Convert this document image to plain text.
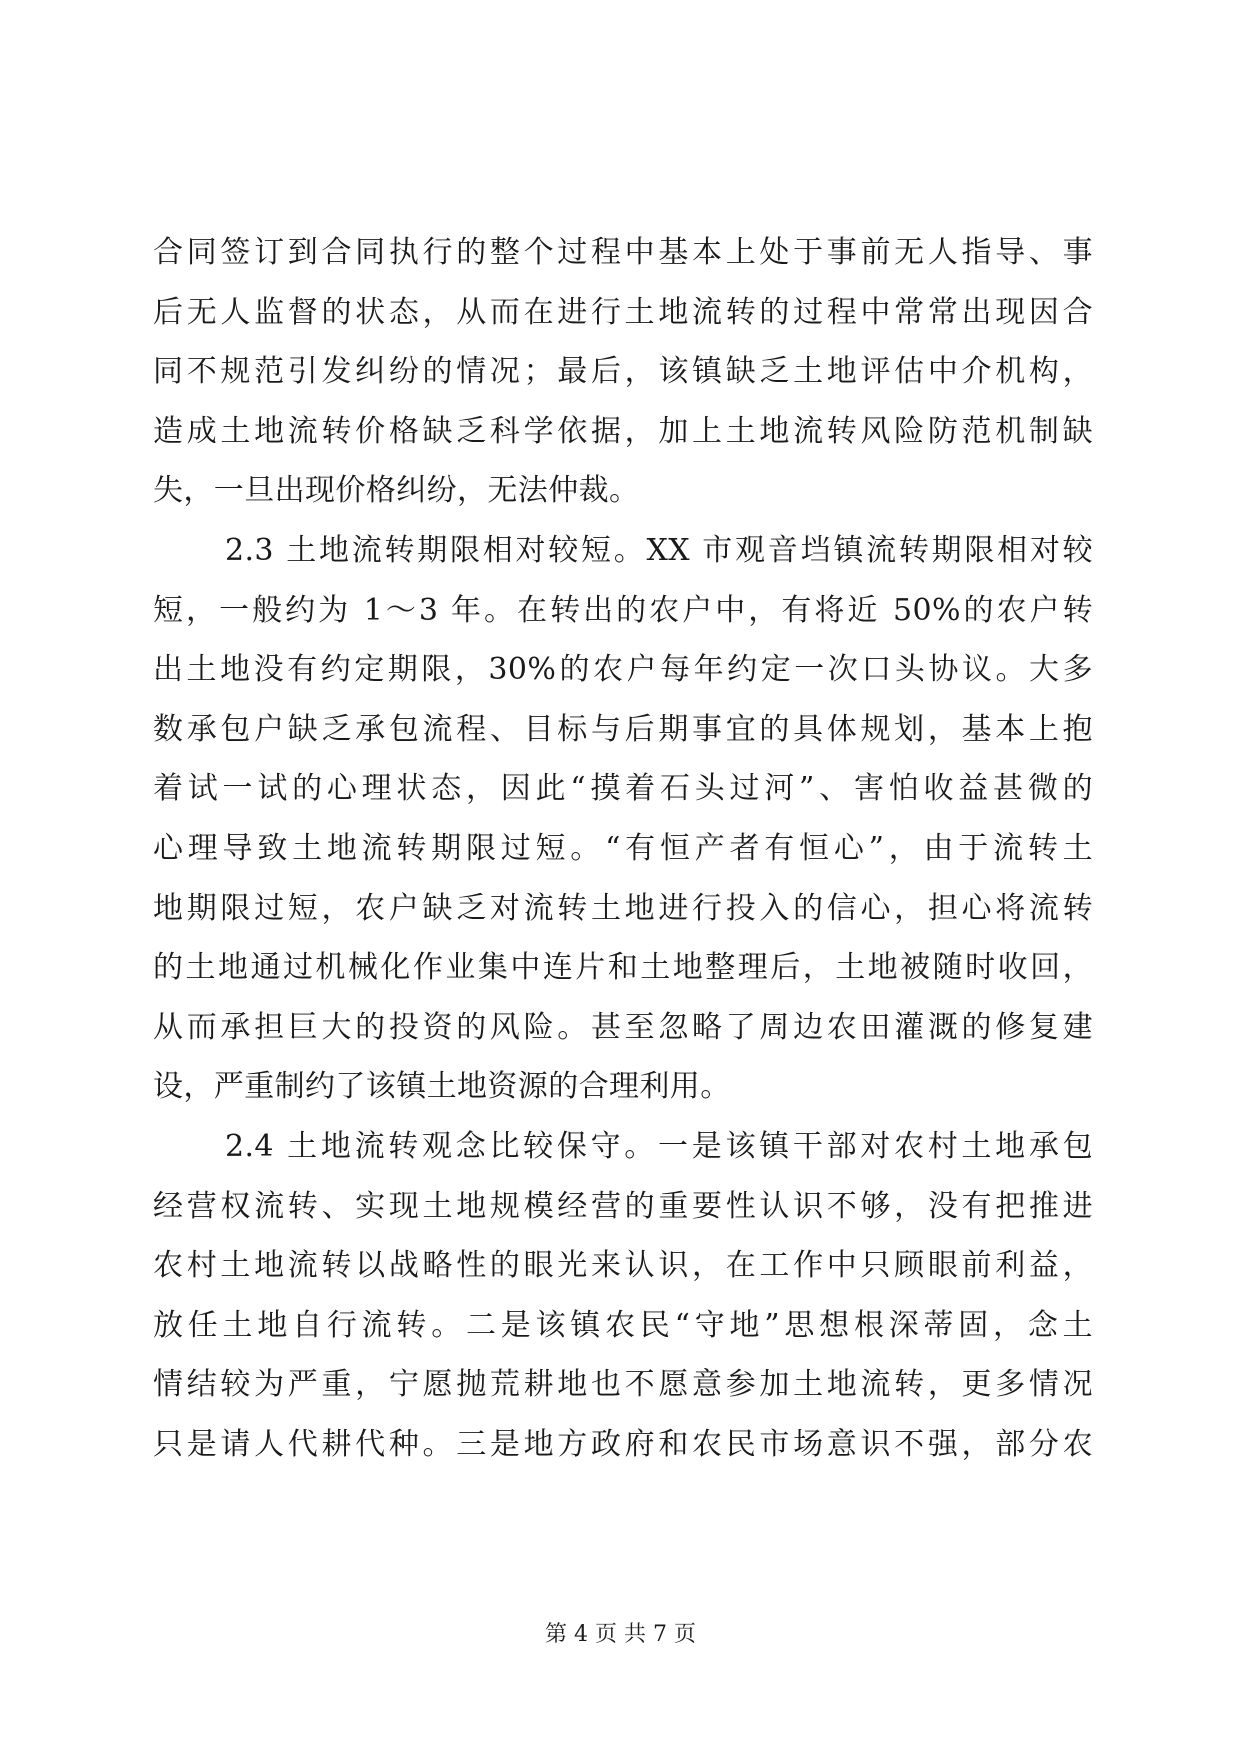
合同签订到合同执行的整个过程中基本上处于事前无人指导、事
后无人监督的状态，从而在进行土地流转的过程中常常出现因合
同不规范引发纠纷的情况；最后，该镇缺乏土地评估中介机构，
造成土地流转价格缺乏科学依据，加上土地流转风险防范机制缺
失，一旦出现价格纠纷，无法仲裁。
2.3 土地流转期限相对较短。XX 市观音垱镇流转期限相对较
短，一般约为 1～3 年。在转出的农户中，有将近 50%的农户转
出土地没有约定期限，30%的农户每年约定一次口头协议。大多
数承包户缺乏承包流程、目标与后期事宜的具体规划，基本上抱
着试一试的心理状态，因此“摸着石头过河”、害怕收益甚微的
心理导致土地流转期限过短。“有恒产者有恒心”，由于流转土
地期限过短，农户缺乏对流转土地进行投入的信心，担心将流转
的土地通过机械化作业集中连片和土地整理后，土地被随时收回，
从而承担巨大的投资的风险。甚至忽略了周边农田灌溉的修复建
设，严重制约了该镇土地资源的合理利用。
2.4 土地流转观念比较保守。一是该镇干部对农村土地承包
经营权流转、实现土地规模经营的重要性认识不够，没有把推进
农村土地流转以战略性的眼光来认识，在工作中只顾眼前利益，
放任土地自行流转。二是该镇农民“守地”思想根深蒂固，念土
情结较为严重，宁愿抛荒耕地也不愿意参加土地流转，更多情况
只是请人代耕代种。三是地方政府和农民市场意识不强，部分农
第 4 页 共 7 页
